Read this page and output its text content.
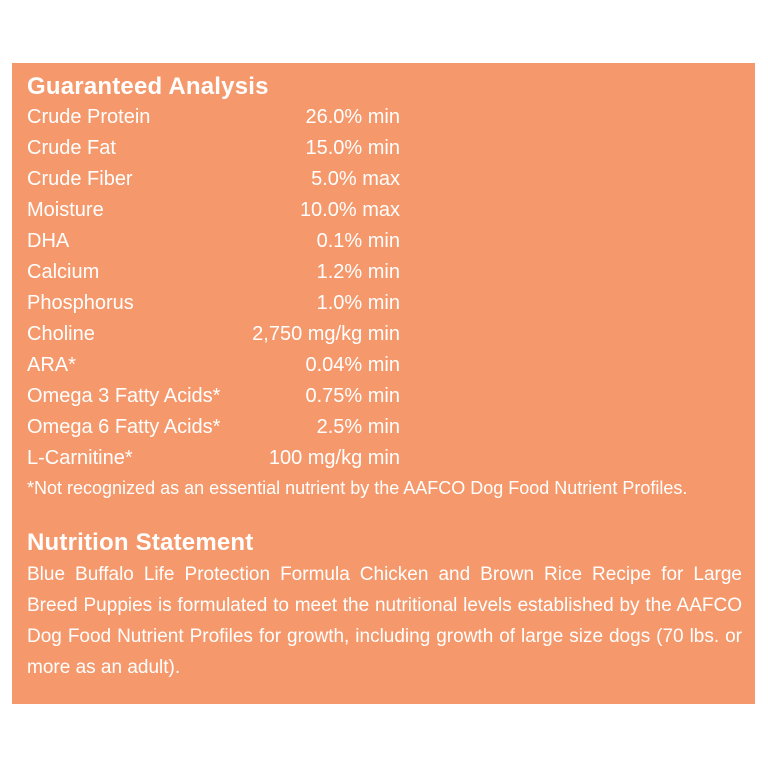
Guaranteed Analysis
Crude Protein	26.0% min
Crude Fat	15.0% min
Crude Fiber	5.0% max
Moisture	10.0% max
DHA	0.1% min
Calcium	1.2% min
Phosphorus	1.0% min
Choline	2,750 mg/kg min
ARA*	0.04% min
Omega 3 Fatty Acids*	0.75% min
Omega 6 Fatty Acids*	2.5% min
L-Carnitine*	100 mg/kg min
*Not recognized as an essential nutrient by the AAFCO Dog Food Nutrient Profiles.
Nutrition Statement
Blue Buffalo Life Protection Formula Chicken and Brown Rice Recipe for Large Breed Puppies is formulated to meet the nutritional levels established by the AAFCO Dog Food Nutrient Profiles for growth, including growth of large size dogs (70 lbs. or more as an adult).
